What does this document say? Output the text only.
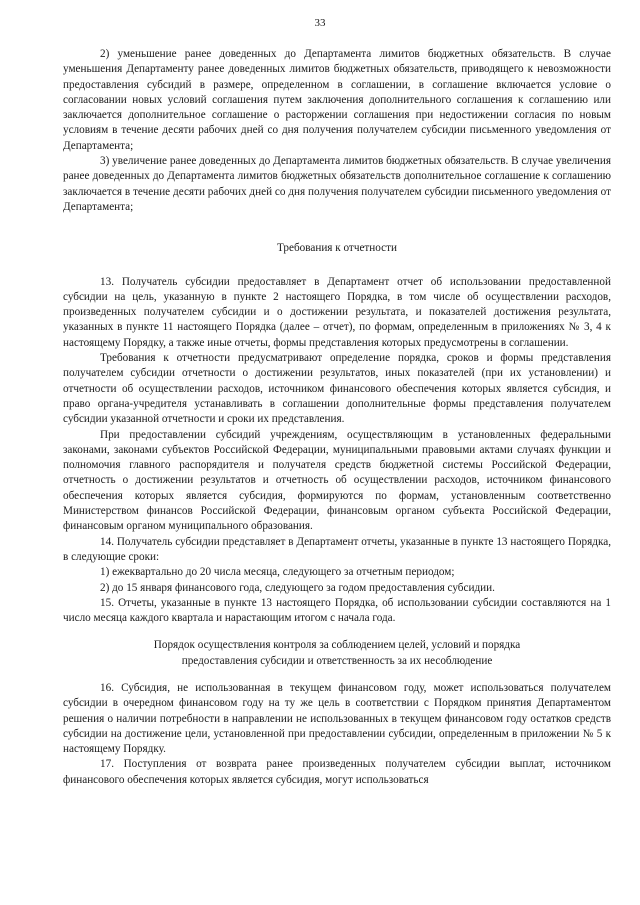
33

2) уменьшение ранее доведенных до Департамента лимитов бюджетных обязательств. В случае уменьшения Департаменту ранее доведенных лимитов бюджетных обязательств, приводящего к невозможности предоставления субсидий в размере, определенном в соглашении, в соглашение включается условие о согласовании новых условий соглашения путем заключения дополнительного соглашения к соглашению или заключается дополнительное соглашение о расторжении соглашения при недостижении согласия по новым условиям в течение десяти рабочих дней со дня получения получателем субсидии письменного уведомления от Департамента;

3) увеличение ранее доведенных до Департамента лимитов бюджетных обязательств. В случае увеличения ранее доведенных до Департамента лимитов бюджетных обязательств дополнительное соглашение к соглашению заключается в течение десяти рабочих дней со дня получения получателем субсидии письменного уведомления от Департамента;

Требования к отчетности

13. Получатель субсидии предоставляет в Департамент отчет об использовании предоставленной субсидии на цель, указанную в пункте 2 настоящего Порядка, в том числе об осуществлении расходов, произведенных получателем субсидии и о достижении результата, и показателей достижения результата, указанных в пункте 11 настоящего Порядка (далее – отчет), по формам, определенным в приложениях № 3, 4 к настоящему Порядку, а также иные отчеты, формы представления которых предусмотрены в соглашении.

Требования к отчетности предусматривают определение порядка, сроков и формы представления получателем субсидии отчетности о достижении результатов, иных показателей (при их установлении) и отчетности об осуществлении расходов, источником финансового обеспечения которых является субсидия, и право органа-учредителя устанавливать в соглашении дополнительные формы представления получателем субсидии указанной отчетности и сроки их представления.

При предоставлении субсидий учреждениям, осуществляющим в установленных федеральными законами, законами субъектов Российской Федерации, муниципальными правовыми актами случаях функции и полномочия главного распорядителя и получателя средств бюджетной системы Российской Федерации, отчетность о достижении результатов и отчетность об осуществлении расходов, источником финансового обеспечения которых является субсидия, формируются по формам, установленным соответственно Министерством финансов Российской Федерации, финансовым органом субъекта Российской Федерации, финансовым органом муниципального образования.

14. Получатель субсидии представляет в Департамент отчеты, указанные в пункте 13 настоящего Порядка, в следующие сроки:

1) ежеквартально до 20 числа месяца, следующего за отчетным периодом;

2) до 15 января финансового года, следующего за годом предоставления субсидии.

15. Отчеты, указанные в пункте 13 настоящего Порядка, об использовании субсидии составляются на 1 число месяца каждого квартала и нарастающим итогом с начала года.

Порядок осуществления контроля за соблюдением целей, условий и порядка
предоставления субсидии и ответственность за их несоблюдение

16. Субсидия, не использованная в текущем финансовом году, может использоваться получателем субсидии в очередном финансовом году на ту же цель в соответствии с Порядком принятия Департаментом решения о наличии потребности в направлении не использованных в текущем финансовом году остатков средств субсидии на достижение цели, установленной при предоставлении субсидии, определенным в приложении № 5 к настоящему Порядку.

17. Поступления от возврата ранее произведенных получателем субсидии выплат, источником финансового обеспечения которых является субсидия, могут использоваться
